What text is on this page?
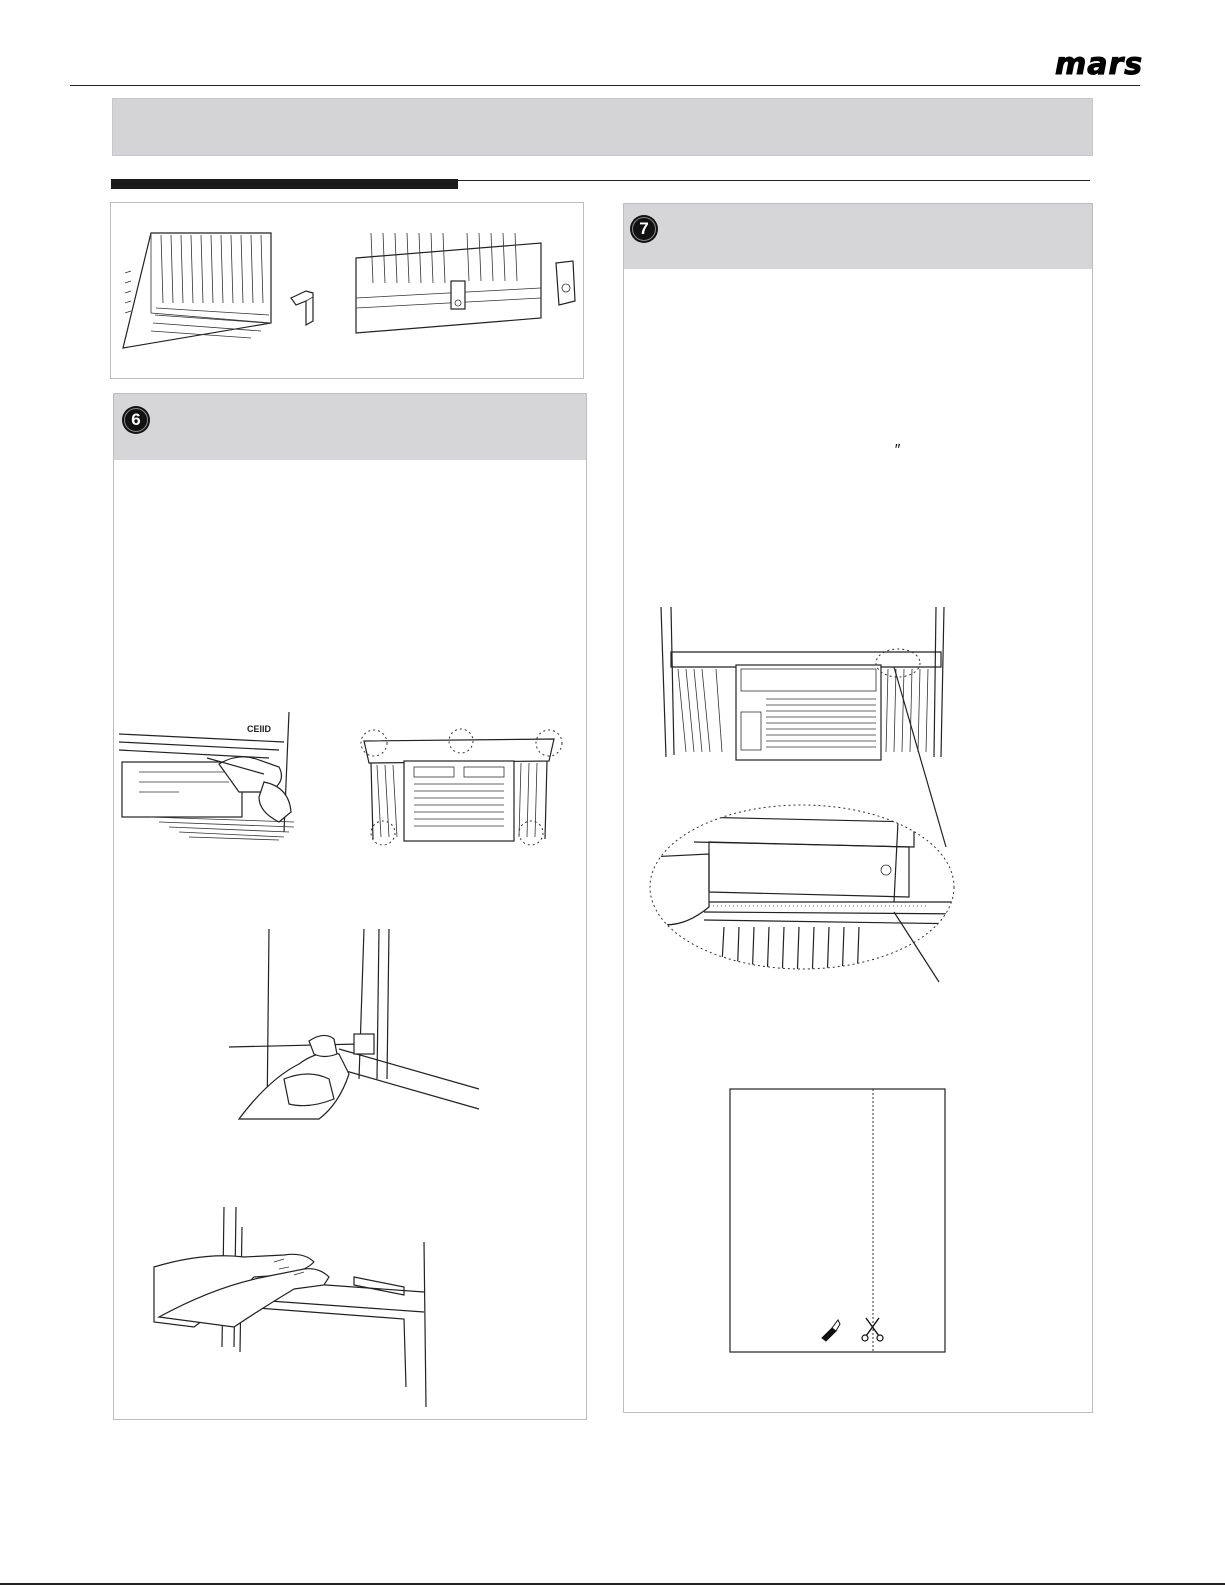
mars
6
CEIID
7
″
